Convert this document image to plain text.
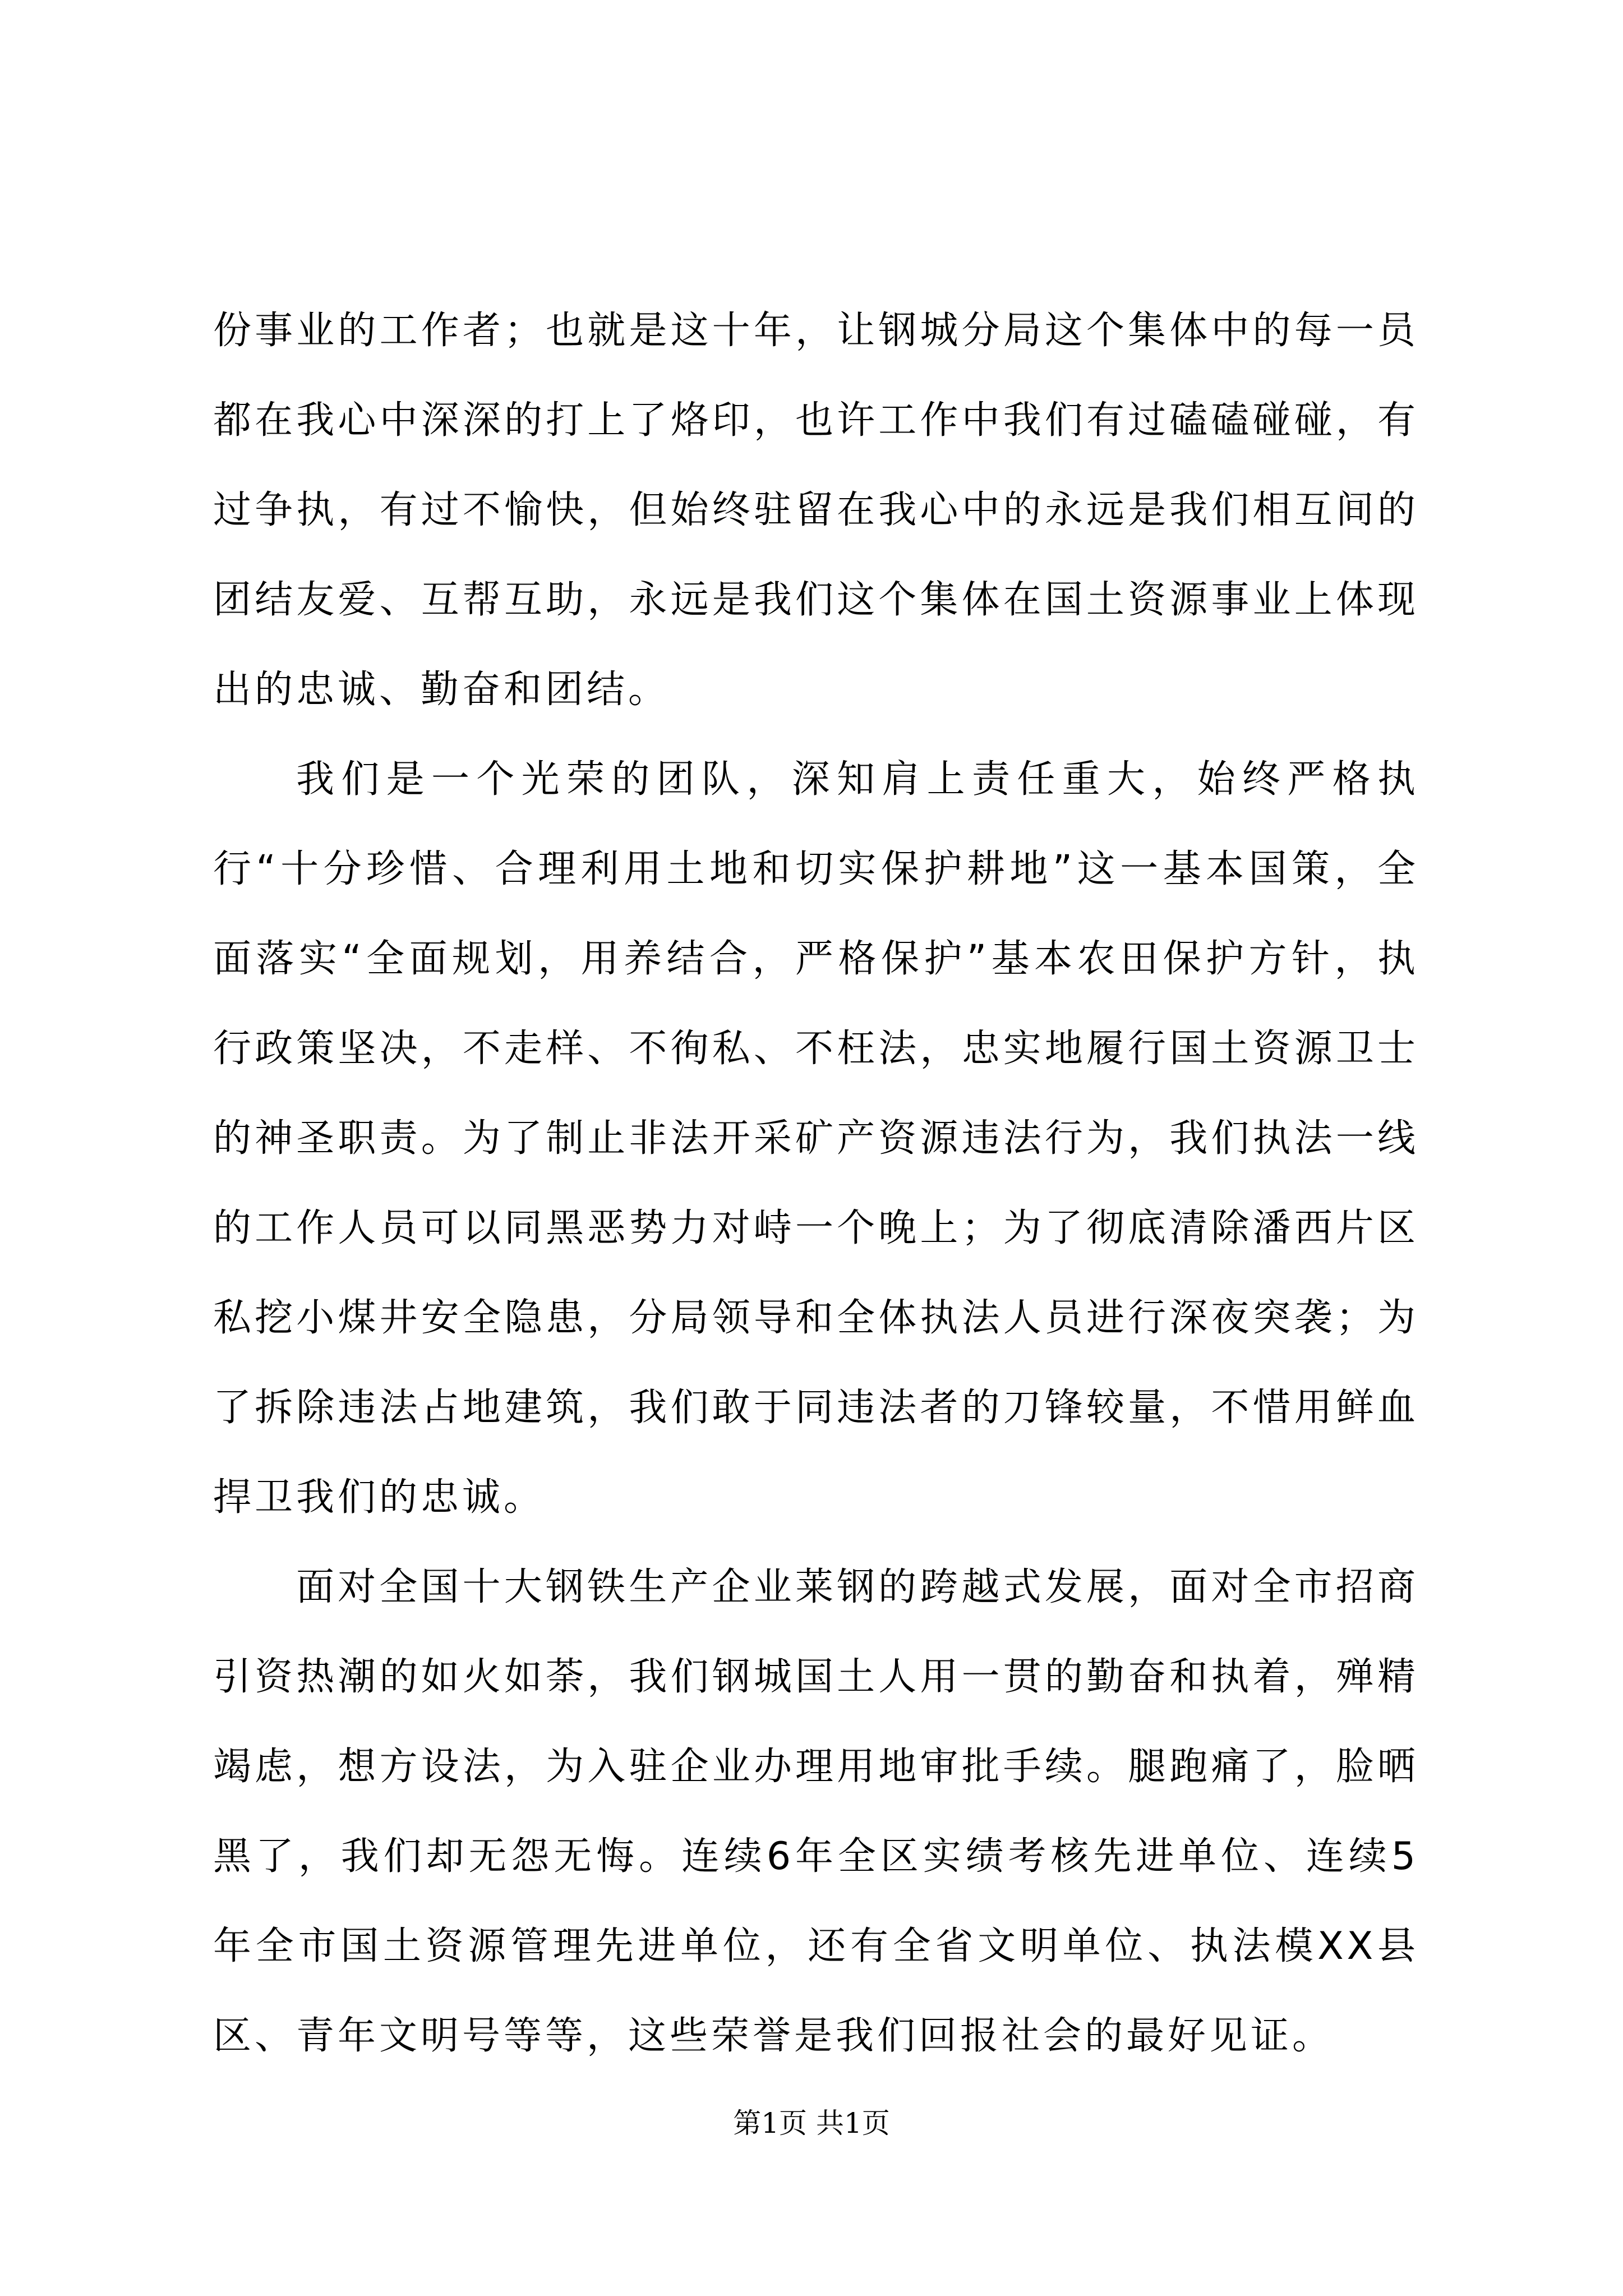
份事业的工作者；也就是这十年，让钢城分局这个集体中的每一员都在我心中深深的打上了烙印，也许工作中我们有过磕磕碰碰，有过争执，有过不愉快，但始终驻留在我心中的永远是我们相互间的团结友爱、互帮互助，永远是我们这个集体在国土资源事业上体现出的忠诚、勤奋和团结。

我们是一个光荣的团队，深知肩上责任重大，始终严格执行“十分珍惜、合理利用土地和切实保护耕地”这一基本国策，全面落实“全面规划，用养结合，严格保护”基本农田保护方针，执行政策坚决，不走样、不徇私、不枉法，忠实地履行国土资源卫士的神圣职责。为了制止非法开采矿产资源违法行为，我们执法一线的工作人员可以同黑恶势力对峙一个晚上；为了彻底清除潘西片区私挖小煤井安全隐患，分局领导和全体执法人员进行深夜突袭；为了拆除违法占地建筑，我们敢于同违法者的刀锋较量，不惜用鲜血捍卫我们的忠诚。

面对全国十大钢铁生产企业莱钢的跨越式发展，面对全市招商引资热潮的如火如荼，我们钢城国土人用一贯的勤奋和执着，殚精竭虑，想方设法，为入驻企业办理用地审批手续。腿跑痛了，脸晒黑了，我们却无怨无悔。连续6年全区实绩考核先进单位、连续5年全市国土资源管理先进单位，还有全省文明单位、执法模XX县区、青年文明号等等，这些荣誉是我们回报社会的最好见证。

第1页 共1页
